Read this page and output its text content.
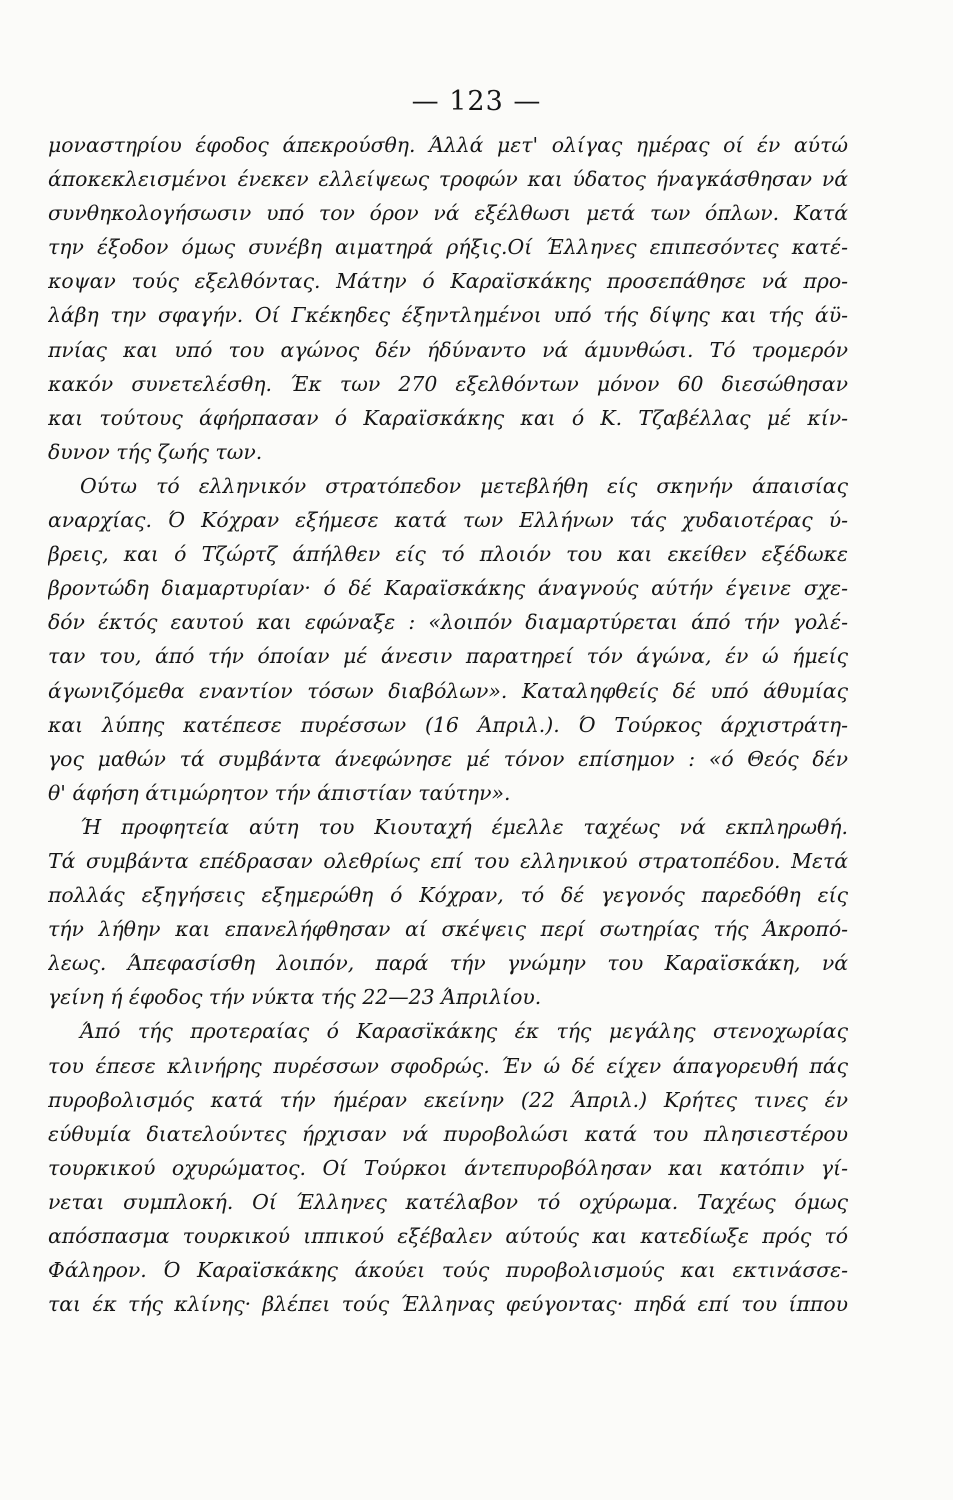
— 123 —
μοναστηρίου έφοδος άπεκρούσθη. Άλλά μετ' ολίγας ημέρας οί έν αύτώ
άποκεκλεισμένοι ένεκεν ελλείψεως τροφών και ύδατος ήναγκάσθησαν νά
συνθηκολογήσωσιν υπό τον όρον νά εξέλθωσι μετά των όπλων. Κατά
την έξοδον όμως συνέβη αιματηρά ρήξις.Οί Έλληνες επιπεσόντες κατέ-
κοψαν τούς εξελθόντας. Μάτην ό Καραϊσκάκης προσεπάθησε νά προ-
λάβη την σφαγήν. Οί Γκέκηδες έξηντλημένοι υπό τής δίψης και τής άϋ-
πνίας και υπό του αγώνος δέν ήδύναντο νά άμυνθώσι. Τό τρομερόν
κακόν συνετελέσθη. Έκ των 270 εξελθόντων μόνον 60 διεσώθησαν
και τούτους άφήρπασαν ό Καραϊσκάκης και ό Κ. Τζαβέλλας μέ κίν-
δυνον τής ζωής των.
Ούτω τό ελληνικόν στρατόπεδον μετεβλήθη είς σκηνήν άπαισίας
αναρχίας. Ό Κόχραν εξήμεσε κατά των Ελλήνων τάς χυδαιοτέρας ύ-
βρεις, και ό Τζώρτζ άπήλθεν είς τό πλοιόν του και εκείθεν εξέδωκε
βροντώδη διαμαρτυρίαν· ό δέ Καραϊσκάκης άναγνούς αύτήν έγεινε σχε-
δόν έκτός εαυτού και εφώναξε : «λοιπόν διαμαρτύρεται άπό τήν γολέ-
ταν του, άπό τήν όποίαν μέ άνεσιν παρατηρεί τόν άγώνα, έν ώ ήμείς
άγωνιζόμεθα εναντίον τόσων διαβόλων». Καταληφθείς δέ υπό άθυμίας
και λύπης κατέπεσε πυρέσσων (16 Άπριλ.). Ό Τούρκος άρχιστράτη-
γος μαθών τά συμβάντα άνεφώνησε μέ τόνον επίσημον : «ό Θεός δέν
θ' άφήση άτιμώρητον τήν άπιστίαν ταύτην».
Ή προφητεία αύτη του Κιουταχή έμελλε ταχέως νά εκπληρωθή.
Τά συμβάντα επέδρασαν ολεθρίως επί του ελληνικού στρατοπέδου. Μετά
πολλάς εξηγήσεις εξημερώθη ό Κόχραν, τό δέ γεγονός παρεδόθη είς
τήν λήθην και επανελήφθησαν αί σκέψεις περί σωτηρίας τής Άκροπό-
λεως. Άπεφασίσθη λοιπόν, παρά τήν γνώμην του Καραϊσκάκη, νά
γείνη ή έφοδος τήν νύκτα τής 22—23 Άπριλίου.
Άπό τής προτεραίας ό Καρασϊκάκης έκ τής μεγάλης στενοχωρίας
του έπεσε κλινήρης πυρέσσων σφοδρώς. Έν ώ δέ είχεν άπαγορευθή πάς
πυροβολισμός κατά τήν ήμέραν εκείνην (22 Άπριλ.) Κρήτες τινες έν
εύθυμία διατελούντες ήρχισαν νά πυροβολώσι κατά του πλησιεστέρου
τουρκικού οχυρώματος. Οί Τούρκοι άντεπυροβόλησαν και κατόπιν γί-
νεται συμπλοκή. Οί Έλληνες κατέλαβον τό οχύρωμα. Ταχέως όμως
απόσπασμα τουρκικού ιππικού εξέβαλεν αύτούς και κατεδίωξε πρός τό
Φάληρον. Ό Καραϊσκάκης άκούει τούς πυροβολισμούς και εκτινάσσε-
ται έκ τής κλίνης· βλέπει τούς Έλληνας φεύγοντας· πηδά επί του ίππου
